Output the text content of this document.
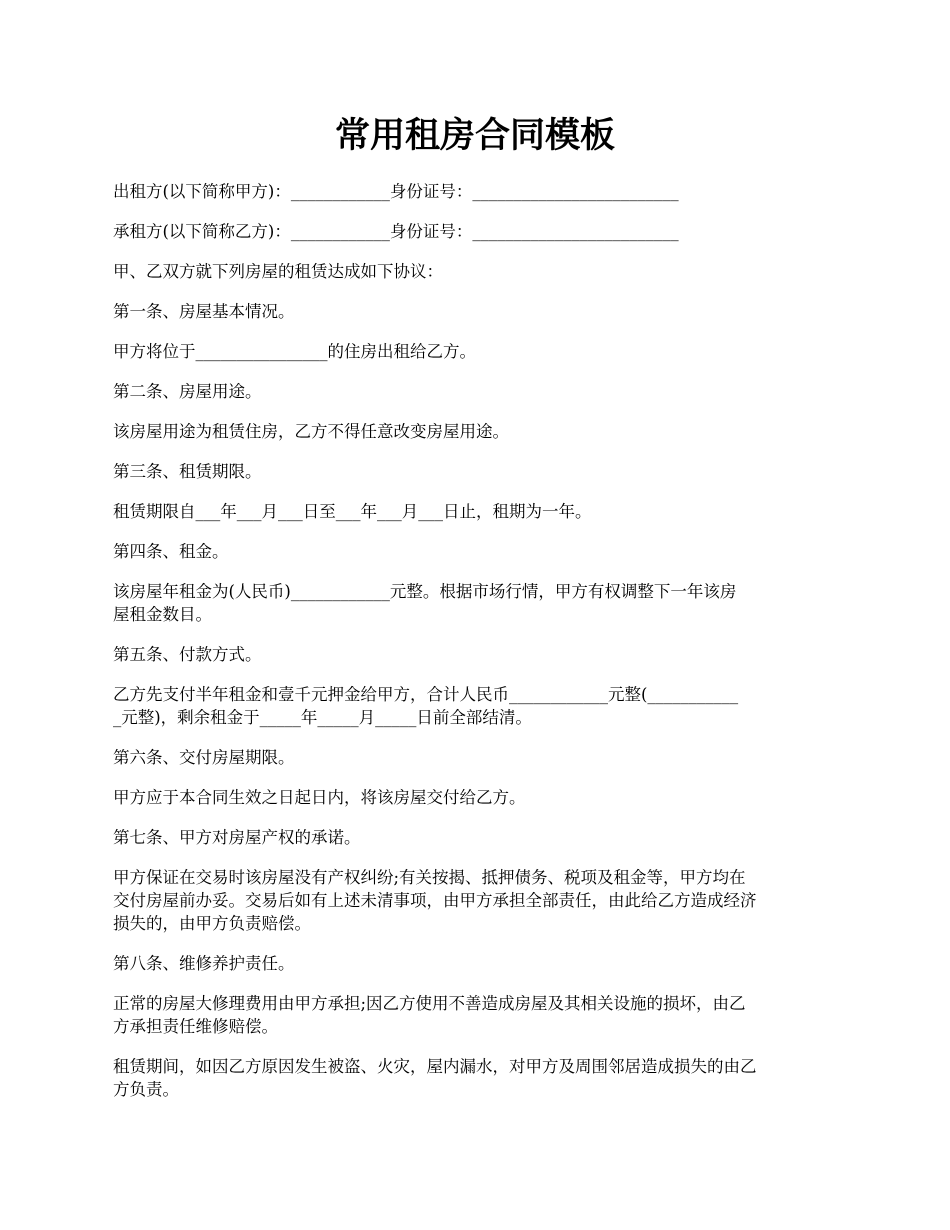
常用租房合同模板

出租方(以下简称甲方)：____________身份证号：_________________________

承租方(以下简称乙方)：____________身份证号：_________________________

甲、乙双方就下列房屋的租赁达成如下协议：

第一条、房屋基本情况。

甲方将位于________________的住房出租给乙方。

第二条、房屋用途。

该房屋用途为租赁住房，乙方不得任意改变房屋用途。

第三条、租赁期限。

租赁期限自___年___月___日至___年___月___日止，租期为一年。

第四条、租金。

该房屋年租金为(人民币)____________元整。根据市场行情，甲方有权调整下一年该房
屋租金数目。

第五条、付款方式。

乙方先支付半年租金和壹千元押金给甲方，合计人民币____________元整(___________
_元整)，剩余租金于_____年_____月_____日前全部结清。

第六条、交付房屋期限。

甲方应于本合同生效之日起日内，将该房屋交付给乙方。

第七条、甲方对房屋产权的承诺。

甲方保证在交易时该房屋没有产权纠纷;有关按揭、抵押债务、税项及租金等，甲方均在
交付房屋前办妥。交易后如有上述未清事项，由甲方承担全部责任，由此给乙方造成经济
损失的，由甲方负责赔偿。

第八条、维修养护责任。

正常的房屋大修理费用由甲方承担;因乙方使用不善造成房屋及其相关设施的损坏，由乙
方承担责任维修赔偿。

租赁期间，如因乙方原因发生被盗、火灾，屋内漏水，对甲方及周围邻居造成损失的由乙
方负责。
